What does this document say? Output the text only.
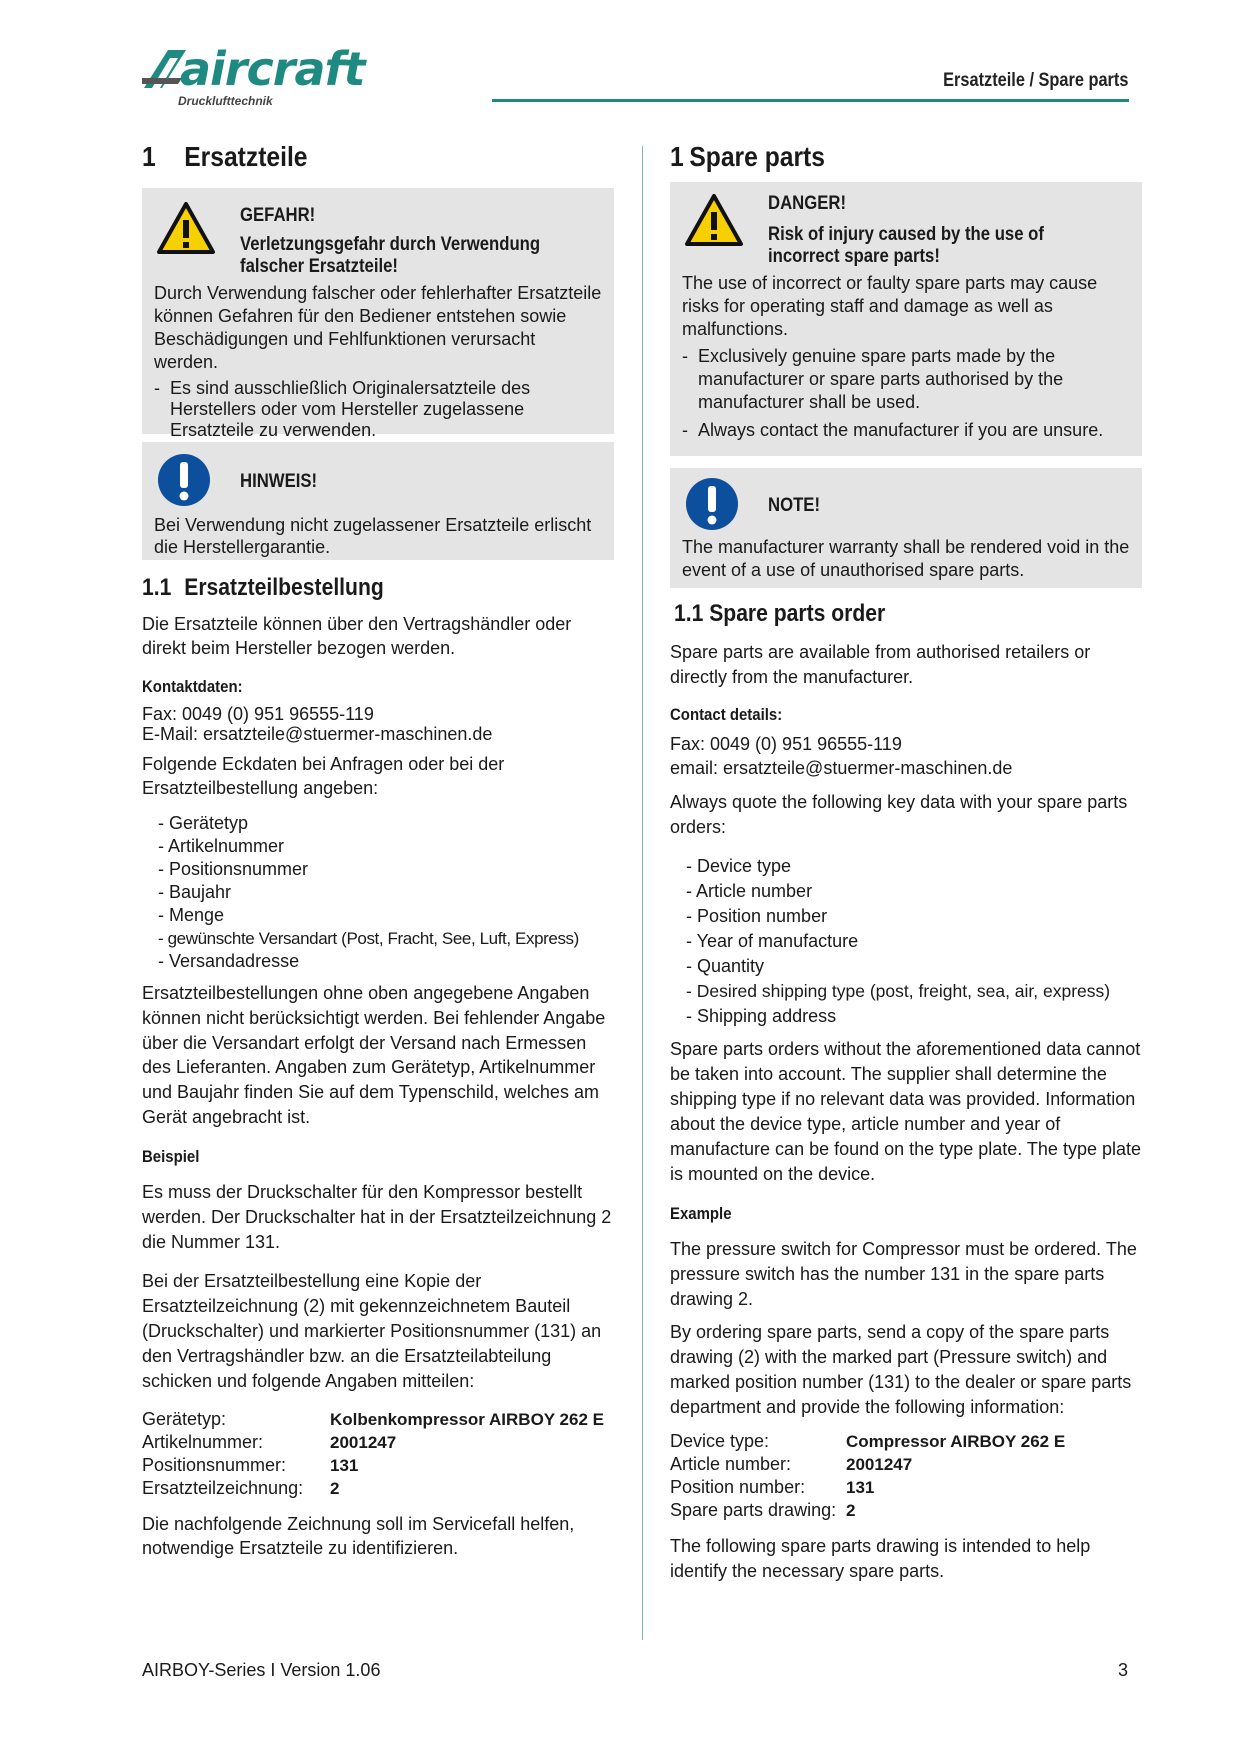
aircraft
Drucklufttechnik
Ersatzteile / Spare parts
1 Ersatzteile
GEFAHR!
Verletzungsgefahr durch Verwendung falscher Ersatzteile!

Durch Verwendung falscher oder fehlerhafter Ersatzteile können Gefahren für den Bediener entstehen sowie Beschädigungen und Fehlfunktionen verursacht werden.

- Es sind ausschließlich Originalersatzteile des Herstellers oder vom Hersteller zugelassene Ersatzteile zu verwenden.
-
HINWEIS!

Bei Verwendung nicht zugelassener Ersatzteile erlischt die Herstellergarantie.

1.1 Ersatzteilbestellung

Die Ersatzteile können über den Vertragshändler oder direkt beim Hersteller bezogen werden.

Kontaktdaten:

Fax: 0049 (0) 951 96555-119

E-Mail: ersatzteile@stuermer-maschinen.de

Folgende Eckdaten bei Anfragen oder bei der Ersatzteilbestellung angeben:

- Gerätetyp
- Artikelnummer
- Positionsnummer
- Baujahr
- Menge
- gewünschte Versandart (Post, Fracht, See, Luft, Express)
- Versandadresse

Ersatzteilbestellungen ohne oben angegebene Angaben können nicht berücksichtigt werden. Bei fehlender Angabe über die Versandart erfolgt der Versand nach Ermessen des Lieferanten. Angaben zum Gerätetyp, Artikelnummer und Baujahr finden Sie auf dem Typenschild, welches am Gerät angebracht ist.

Beispiel

Es muss der Druckschalter für den Kompressor bestellt werden. Der Druckschalter hat in der Ersatzteilzeichnung 2 die Nummer 131.

Bei der Ersatzteilbestellung eine Kopie der Ersatzteilzeichnung (2) mit gekennzeichnetem Bauteil (Druckschalter) und markierter Positionsnummer (131) an den Vertragshändler bzw. an die Ersatzteilabteilung schicken und folgende Angaben mitteilen:

Gerätetyp:	Kolbenkompressor AIRBOY 262 E
Artikelnummer:	2001247
Positionsnummer:	131
Ersatzteilzeichnung:	2

Die nachfolgende Zeichnung soll im Servicefall helfen, notwendige Ersatzteile zu identifizieren.

1 Spare parts
DANGER!
Risk of injury caused by the use of incorrect spare parts!

The use of incorrect or faulty spare parts may cause risks for operating staff and damage as well as malfunctions.

- Exclusively genuine spare parts made by the manufacturer or spare parts authorised by the manufacturer shall be used.
- Always contact the manufacturer if you are unsure.
NOTE!

The manufacturer warranty shall be rendered void in the event of a use of unauthorised spare parts.

1.1 Spare parts order

Spare parts are available from authorised retailers or directly from the manufacturer.

Contact details:

Fax: 0049 (0) 951 96555-119

email: ersatzteile@stuermer-maschinen.de

Always quote the following key data with your spare parts orders:

- Device type
- Article number
- Position number
- Year of manufacture
- Quantity
- Desired shipping type (post, freight, sea, air, express)
- Shipping address

Spare parts orders without the aforementioned data cannot be taken into account. The supplier shall determine the shipping type if no relevant data was provided. Information about the device type, article number and year of manufacture can be found on the type plate. The type plate is mounted on the device.

Example

The pressure switch for Compressor must be ordered. The pressure switch has the number 131 in the spare parts drawing 2.

By ordering spare parts, send a copy of the spare parts drawing (2) with the marked part (Pressure switch) and marked position number (131) to the dealer or spare parts department and provide the following information:

Device type:	Compressor AIRBOY 262 E
Article number:	2001247
Position number:	131
Spare parts drawing:	2

The following spare parts drawing is intended to help identify the necessary spare parts.

AIRBOY-Series I Version 1.06	3
